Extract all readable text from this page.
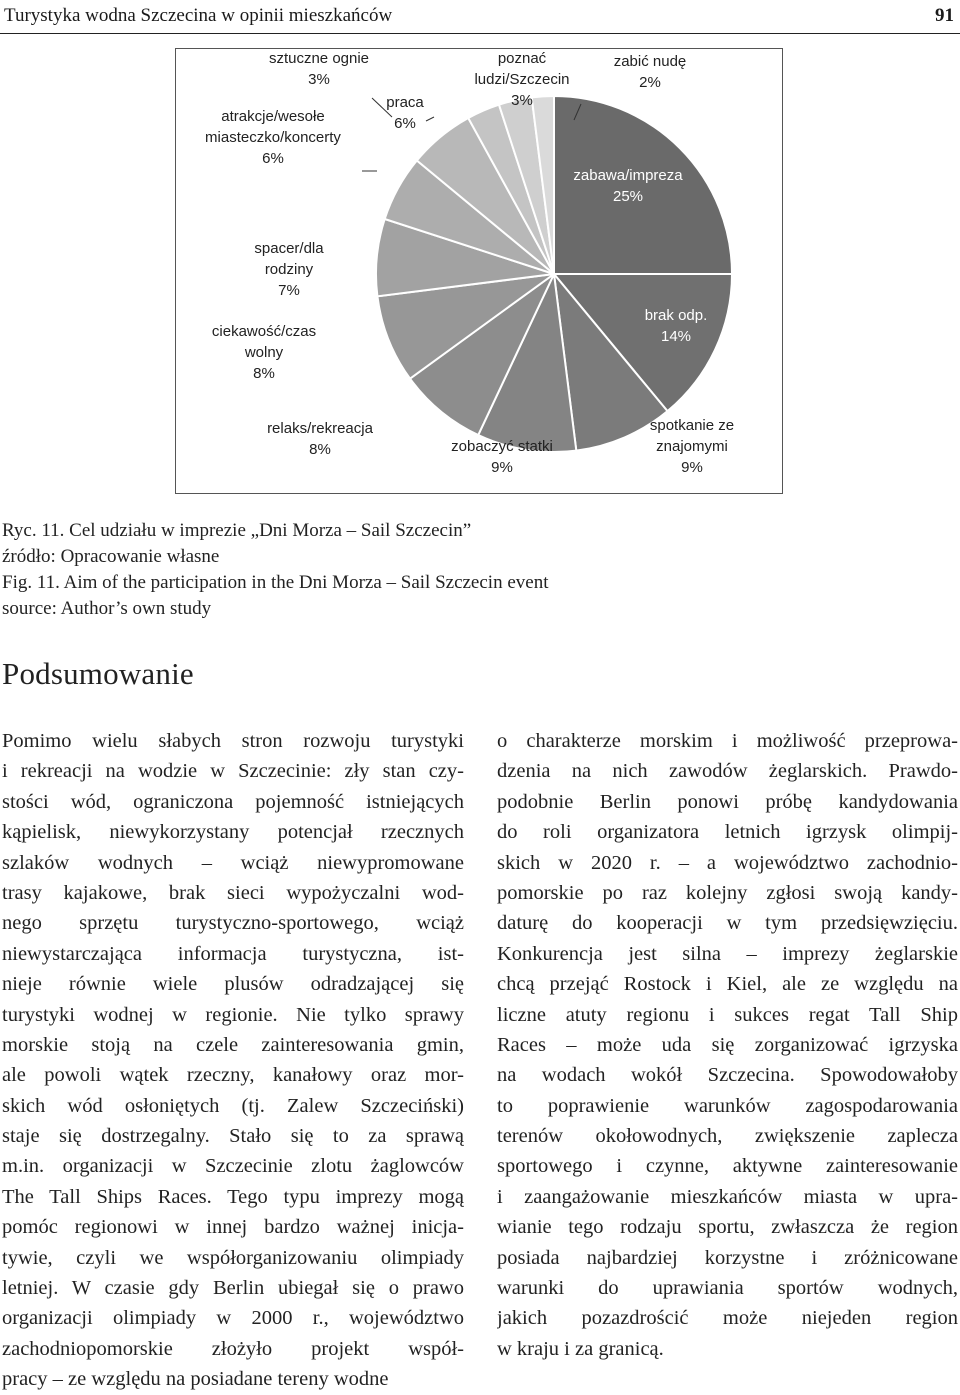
Turystyka wodna Szczecina w opinii mieszkańców	91
zabawa/impreza 25%
brak odp. 14%
spotkanie ze znajomymi 9%
zobaczyć statki 9%
relaks/rekreacja 8%
ciekawość/czas wolny 8%
spacer/dla rodziny 7%
atrakcje/wesołe miasteczko/koncerty 6%
praca 6%
sztuczne ognie 3%
poznać ludzi/Szczecin 3%
zabić nudę 2%
Ryc. 11. Cel udziału w imprezie „Dni Morza – Sail Szczecin”
źródło: Opracowanie własne
Fig. 11. Aim of the participation in the Dni Morza – Sail Szczecin event
source: Author’s own study
Podsumowanie
Pomimo wielu słabych stron rozwoju turystyki
i rekreacji na wodzie w Szczecinie: zły stan czy-
stości wód, ograniczona pojemność istniejących
kąpielisk, niewykorzystany potencjał rzecznych
szlaków wodnych – wciąż niewypromowane
trasy kajakowe, brak sieci wypożyczalni wod-
nego sprzętu turystyczno-sportowego, wciąż
niewystarczająca informacja turystyczna, ist-
nieje równie wiele plusów odradzającej się
turystyki wodnej w regionie. Nie tylko sprawy
morskie stoją na czele zainteresowania gmin,
ale powoli wątek rzeczny, kanałowy oraz mor-
skich wód osłoniętych (tj. Zalew Szczeciński)
staje się dostrzegalny. Stało się to za sprawą
m.in. organizacji w Szczecinie zlotu żaglowców
The Tall Ships Races. Tego typu imprezy mogą
pomóc regionowi w innej bardzo ważnej inicja-
tywie, czyli we współorganizowaniu olimpiady
letniej. W czasie gdy Berlin ubiegał się o prawo
organizacji olimpiady w 2000 r., województwo
zachodniopomorskie złożyło projekt współ-
pracy – ze względu na posiadane tereny wodne
o charakterze morskim i możliwość przeprowa-
dzenia na nich zawodów żeglarskich. Prawdo-
podobnie Berlin ponowi próbę kandydowania
do roli organizatora letnich igrzysk olimpij-
skich w 2020 r. – a województwo zachodnio-
pomorskie po raz kolejny zgłosi swoją kandy-
daturę do kooperacji w tym przedsięwzięciu.
Konkurencja jest silna – imprezy żeglarskie
chcą przejąć Rostock i Kiel, ale ze względu na
liczne atuty regionu i sukces regat Tall Ship
Races – może uda się zorganizować igrzyska
na wodach wokół Szczecina. Spowodowałoby
to poprawienie warunków zagospodarowania
terenów okołowodnych, zwiększenie zaplecza
sportowego i czynne, aktywne zainteresowanie
i zaangażowanie mieszkańców miasta w upra-
wianie tego rodzaju sportu, zwłaszcza że region
posiada najbardziej korzystne i zróżnicowane
warunki do uprawiania sportów wodnych,
jakich pozazdrościć może niejeden region
w kraju i za granicą.
